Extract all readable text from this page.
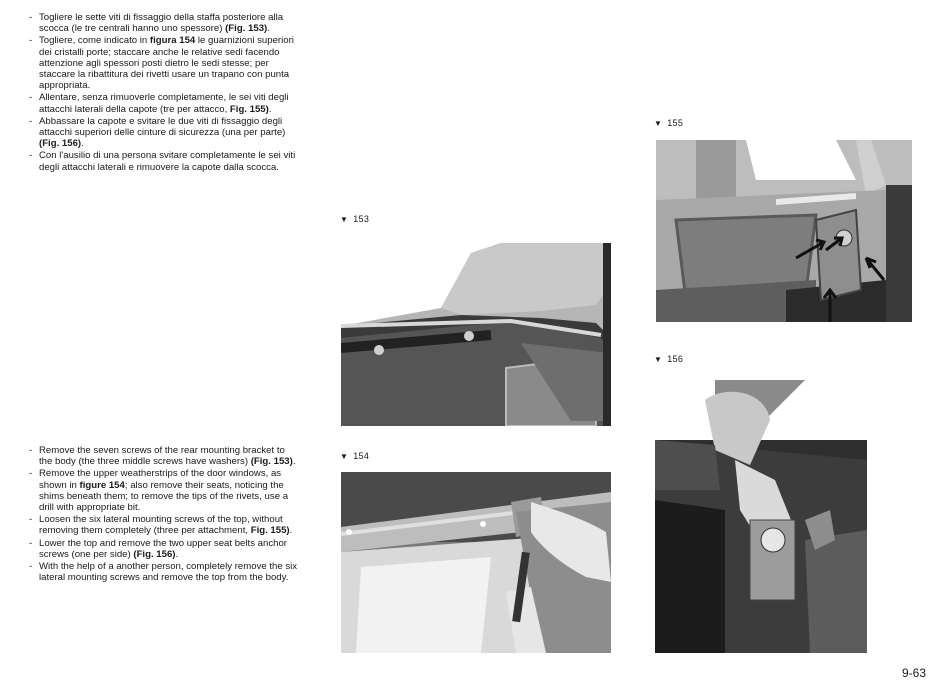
- Togliere le sette viti di fissaggio della staffa posteriore alla scocca (le tre centrali hanno uno spessore) (Fig. 153).
- Togliere, come indicato in figura 154 le guarnizioni superiori dei cristalli porte; staccare anche le relative sedi facendo attenzione agli spessori posti dietro le sedi stesse; per staccare la ribattitura dei rivetti usare un trapano con punta appropriata.
- Allentare, senza rimuoverle completamente, le sei viti degli attacchi laterali della capote (tre per attacco, Fig. 155).
- Abbassare la capote e svitare le due viti di fissaggio degli attacchi superiori delle cinture di sicurezza (una per parte) (Fig. 156).
- Con l'ausilio di una persona svitare completamente le sei viti degli attacchi laterali e rimuovere la capote dalla scocca.
- Remove the seven screws of the rear mounting bracket to the body (the three middle screws have washers) (Fig. 153).
- Remove the upper weatherstrips of the door windows, as shown in figure 154; also remove their seats, noticing the shims beneath them; to remove the tips of the rivets, use a drill with appropriate bit.
- Loosen the six lateral mounting screws of the top, without removing them completely (three per attachment, Fig. 155).
- Lower the top and remove the two upper seat belts anchor screws (one per side) (Fig. 156).
- With the help of a another person, completely remove the six lateral mounting screws and remove the top from the body.
▼ 153
▼ 154
▼ 155
▼ 156
9-63
